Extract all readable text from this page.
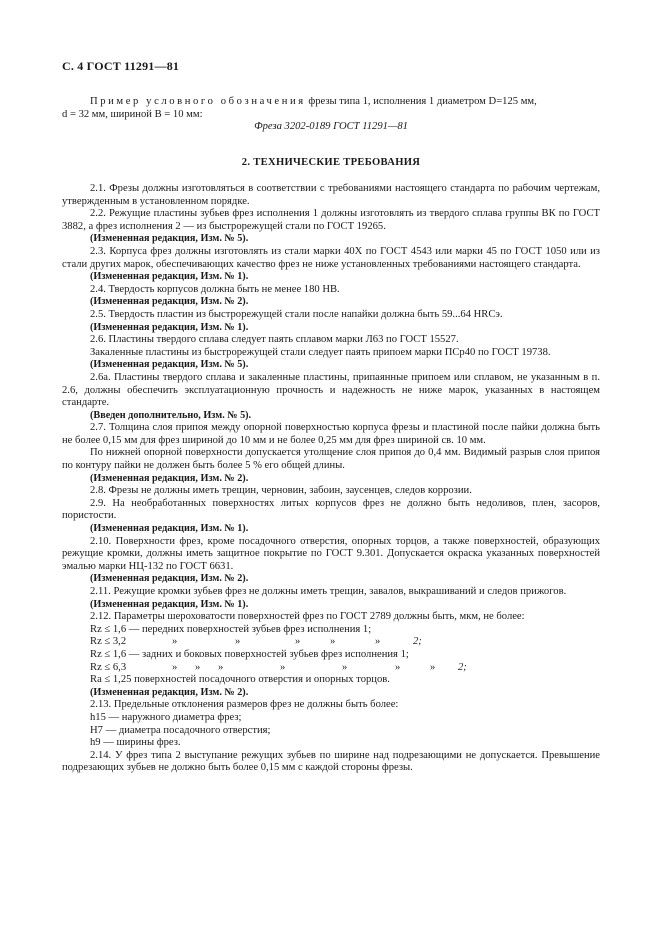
С. 4 ГОСТ 11291—81
Пример условного обозначения фрезы типа 1, исполнения 1 диаметром D=125 мм,
d = 32 мм, шириной B = 10 мм:
Фреза 3202-0189 ГОСТ 11291—81
2. ТЕХНИЧЕСКИЕ ТРЕБОВАНИЯ

2.1. Фрезы должны изготовляться в соответствии с требованиями настоящего стандарта по рабочим чертежам, утвержденным в установленном порядке.

2.2. Режущие пластины зубьев фрез исполнения 1 должны изготовлять из твердого сплава группы ВК по ГОСТ 3882, а фрез исполнения 2 — из быстрорежущей стали по ГОСТ 19265.

(Измененная редакция, Изм. № 5).

2.3. Корпуса фрез должны изготовлять из стали марки 40Х по ГОСТ 4543 или марки 45 по ГОСТ 1050 или из стали других марок, обеспечивающих качество фрез не ниже установленных требованиями настоящего стандарта.

(Измененная редакция, Изм. № 1).

2.4. Твердость корпусов должна быть не менее 180 НВ.

(Измененная редакция, Изм. № 2).

2.5. Твердость пластин из быстрорежущей стали после напайки должна быть 59...64 HRCэ.

(Измененная редакция, Изм. № 1).

2.6. Пластины твердого сплава следует паять сплавом марки Л63 по ГОСТ 15527.

Закаленные пластины из быстрорежущей стали следует паять припоем марки ПСр40 по ГОСТ 19738.

(Измененная редакция, Изм. № 5).

2.6а. Пластины твердого сплава и закаленные пластины, припаянные припоем или сплавом, не указанным в п. 2.6, должны обеспечить эксплуатационную прочность и надежность не ниже марок, указанных в настоящем стандарте.

(Введен дополнительно, Изм. № 5).

2.7. Толщина слоя припоя между опорной поверхностью корпуса фрезы и пластиной после пайки должна быть не более 0,15 мм для фрез шириной до 10 мм и не более 0,25 мм для фрез шириной св. 10 мм.

По нижней опорной поверхности допускается утолщение слоя припоя до 0,4 мм. Видимый разрыв слоя припоя по контуру пайки не должен быть более 5 % его общей длины.

(Измененная редакция, Изм. № 2).

2.8. Фрезы не должны иметь трещин, черновин, забоин, заусенцев, следов коррозии.

2.9. На необработанных поверхностях литых корпусов фрез не должно быть недоливов, плен, засоров, пористости.

(Измененная редакция, Изм. № 1).

2.10. Поверхности фрез, кроме посадочного отверстия, опорных торцов, а также поверхностей, образующих режущие кромки, должны иметь защитное покрытие по ГОСТ 9.301. Допускается окраска указанных поверхностей эмалью марки НЦ-132 по ГОСТ 6631.

(Измененная редакция, Изм. № 2).

2.11. Режущие кромки зубьев фрез не должны иметь трещин, завалов, выкрашиваний и следов прижогов.

(Измененная редакция, Изм. № 1).

2.12. Параметры шероховатости поверхностей фрез по ГОСТ 2789 должны быть, мкм, не более:

Rz ≤ 1,6 — передних поверхностей зубьев фрез исполнения 1;
Rz ≤ 3,2	»	»	»	»	»	2;
Rz ≤ 1,6 — задних и боковых поверхностей зубьев фрез исполнения 1;
Rz ≤ 6,3	» » »	»	»	»	» 2;
Ra ≤ 1,25 поверхностей посадочного отверстия и опорных торцов.

(Измененная редакция, Изм. № 2).

2.13. Предельные отклонения размеров фрез не должны быть более:

h15 — наружного диаметра фрез;
H7 — диаметра посадочного отверстия;
h9 — ширины фрез.

2.14. У фрез типа 2 выступание режущих зубьев по ширине над подрезающими не допускается. Превышение подрезающих зубьев не должно быть более 0,15 мм с каждой стороны фрезы.
